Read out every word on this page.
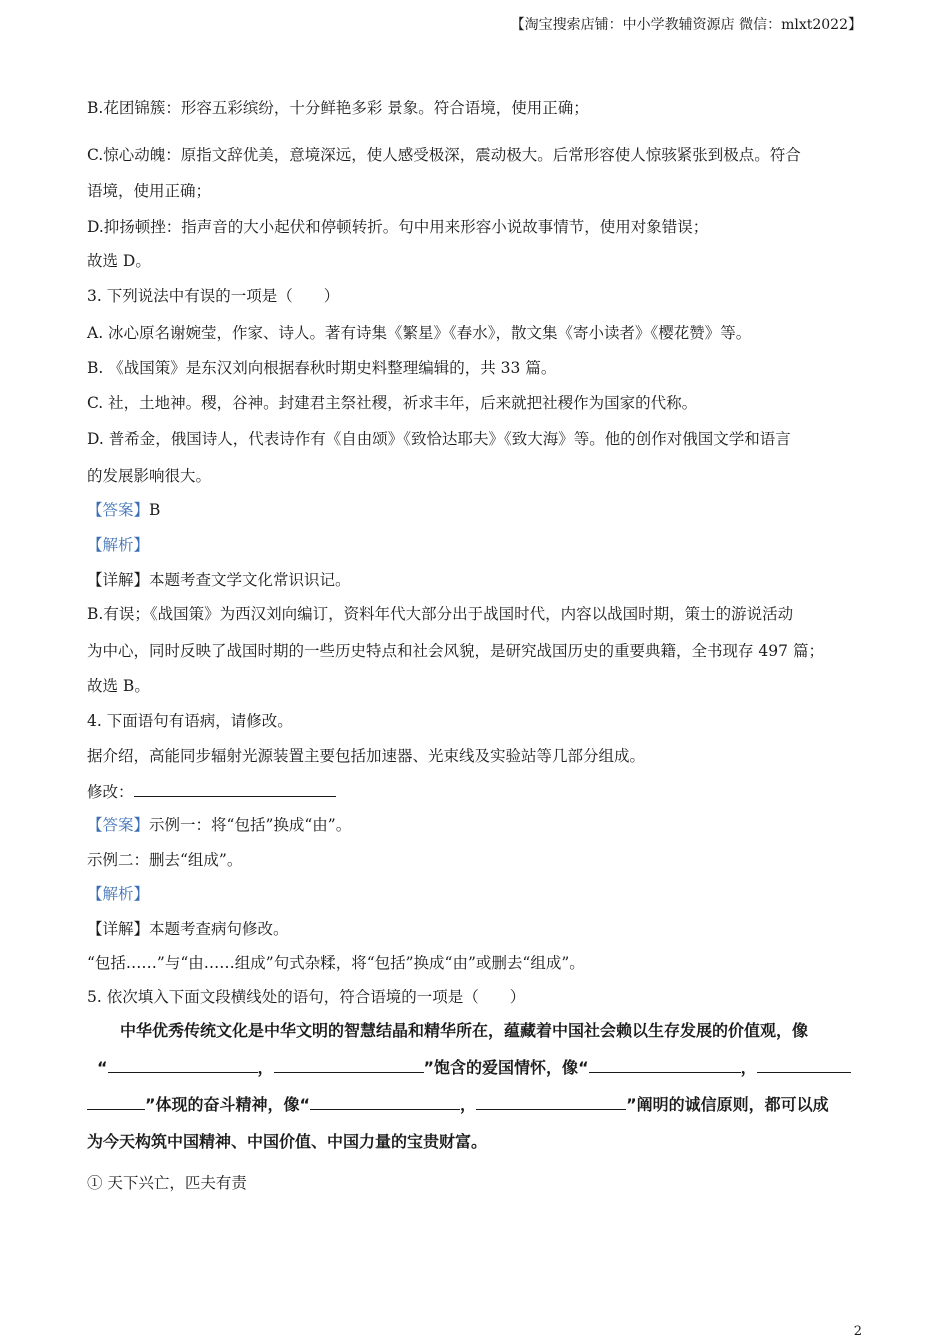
【淘宝搜索店铺：中小学教辅资源店 微信：mlxt2022】
B.花团锦簇：形容五彩缤纷，十分鲜艳多彩 景象。符合语境，使用正确；
C.惊心动魄：原指文辞优美，意境深远，使人感受极深，震动极大。后常形容使人惊骇紧张到极点。符合
语境，使用正确；
D.抑扬顿挫：指声音的大小起伏和停顿转折。句中用来形容小说故事情节，使用对象错误；
故选 D。
3. 下列说法中有误的一项是（　　）
A. 冰心原名谢婉莹，作家、诗人。著有诗集《繁星》《春水》，散文集《寄小读者》《樱花赞》等。
B. 《战国策》是东汉刘向根据春秋时期史料整理编辑的，共 33 篇。
C. 社，土地神。稷，谷神。封建君主祭社稷，祈求丰年，后来就把社稷作为国家的代称。
D. 普希金，俄国诗人，代表诗作有《自由颂》《致恰达耶夫》《致大海》等。他的创作对俄国文学和语言
的发展影响很大。
【答案】B
【解析】
【详解】本题考查文学文化常识识记。
B.有误；《战国策》为西汉刘向编订，资料年代大部分出于战国时代，内容以战国时期，策士的游说活动
为中心，同时反映了战国时期的一些历史特点和社会风貌，是研究战国历史的重要典籍，全书现存 497 篇；
故选 B。
4. 下面语句有语病，请修改。
据介绍，高能同步辐射光源装置主要包括加速器、光束线及实验站等几部分组成。
修改：
【答案】示例一：将“包括”换成“由”。
示例二：删去“组成”。
【解析】
【详解】本题考查病句修改。
“包括……”与“由……组成”句式杂糅，将“包括”换成“由”或删去“组成”。
5. 依次填入下面文段横线处的语句，符合语境的一项是（　　）
中华优秀传统文化是中华文明的智慧结晶和精华所在，蕴藏着中国社会赖以生存发展的价值观，像
“	，	”饱含的爱国情怀，像“	，
”体现的奋斗精神，像“	，	”阐明的诚信原则，都可以成
为今天构筑中国精神、中国价值、中国力量的宝贵财富。
① 天下兴亡，匹夫有责
2
